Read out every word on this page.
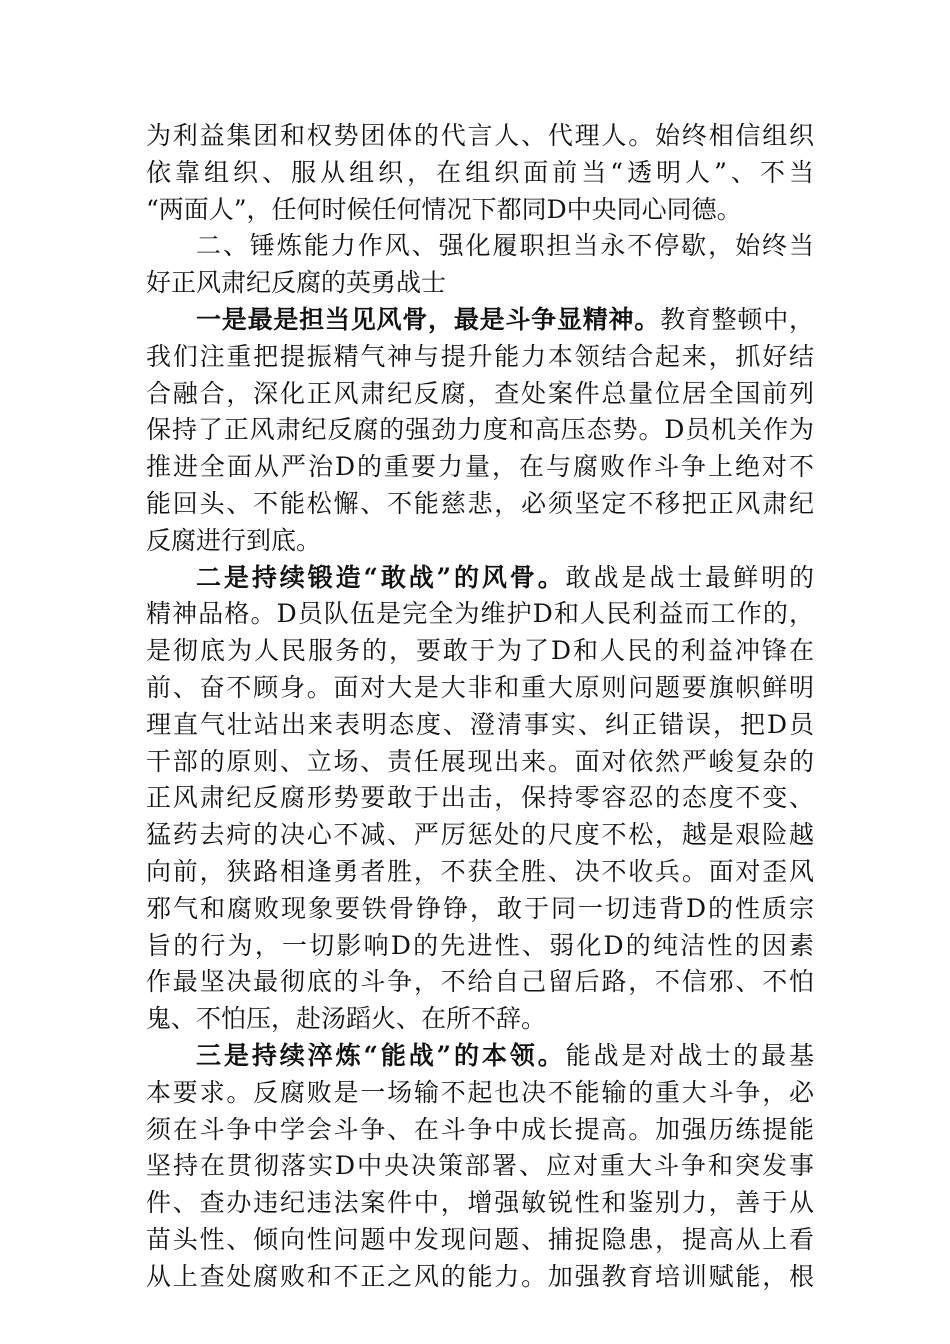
为利益集团和权势团体的代言人、代理人。始终相信组织
依靠组织、服从组织，在组织面前当“透明人”、不当
“两面人”，任何时候任何情况下都同D中央同心同德。
二、锤炼能力作风、强化履职担当永不停歇，始终当
好正风肃纪反腐的英勇战士
一是最是担当见风骨，最是斗争显精神。教育整顿中，
我们注重把提振精气神与提升能力本领结合起来，抓好结
合融合，深化正风肃纪反腐，查处案件总量位居全国前列
保持了正风肃纪反腐的强劲力度和高压态势。D员机关作为
推进全面从严治D的重要力量，在与腐败作斗争上绝对不
能回头、不能松懈、不能慈悲，必须坚定不移把正风肃纪
反腐进行到底。
二是持续锻造“敢战”的风骨。敢战是战士最鲜明的
精神品格。D员队伍是完全为维护D和人民利益而工作的，
是彻底为人民服务的，要敢于为了D和人民的利益冲锋在
前、奋不顾身。面对大是大非和重大原则问题要旗帜鲜明
理直气壮站出来表明态度、澄清事实、纠正错误，把D员
干部的原则、立场、责任展现出来。面对依然严峻复杂的
正风肃纪反腐形势要敢于出击，保持零容忍的态度不变、
猛药去疴的决心不减、严厉惩处的尺度不松，越是艰险越
向前，狭路相逢勇者胜，不获全胜、决不收兵。面对歪风
邪气和腐败现象要铁骨铮铮，敢于同一切违背D的性质宗
旨的行为，一切影响D的先进性、弱化D的纯洁性的因素
作最坚决最彻底的斗争，不给自己留后路，不信邪、不怕
鬼、不怕压，赴汤蹈火、在所不辞。
三是持续淬炼“能战”的本领。能战是对战士的最基
本要求。反腐败是一场输不起也决不能输的重大斗争，必
须在斗争中学会斗争、在斗争中成长提高。加强历练提能
坚持在贯彻落实D中央决策部署、应对重大斗争和突发事
件、查办违纪违法案件中，增强敏锐性和鉴别力，善于从
苗头性、倾向性问题中发现问题、捕捉隐患，提高从上看
从上查处腐败和不正之风的能力。加强教育培训赋能，根
